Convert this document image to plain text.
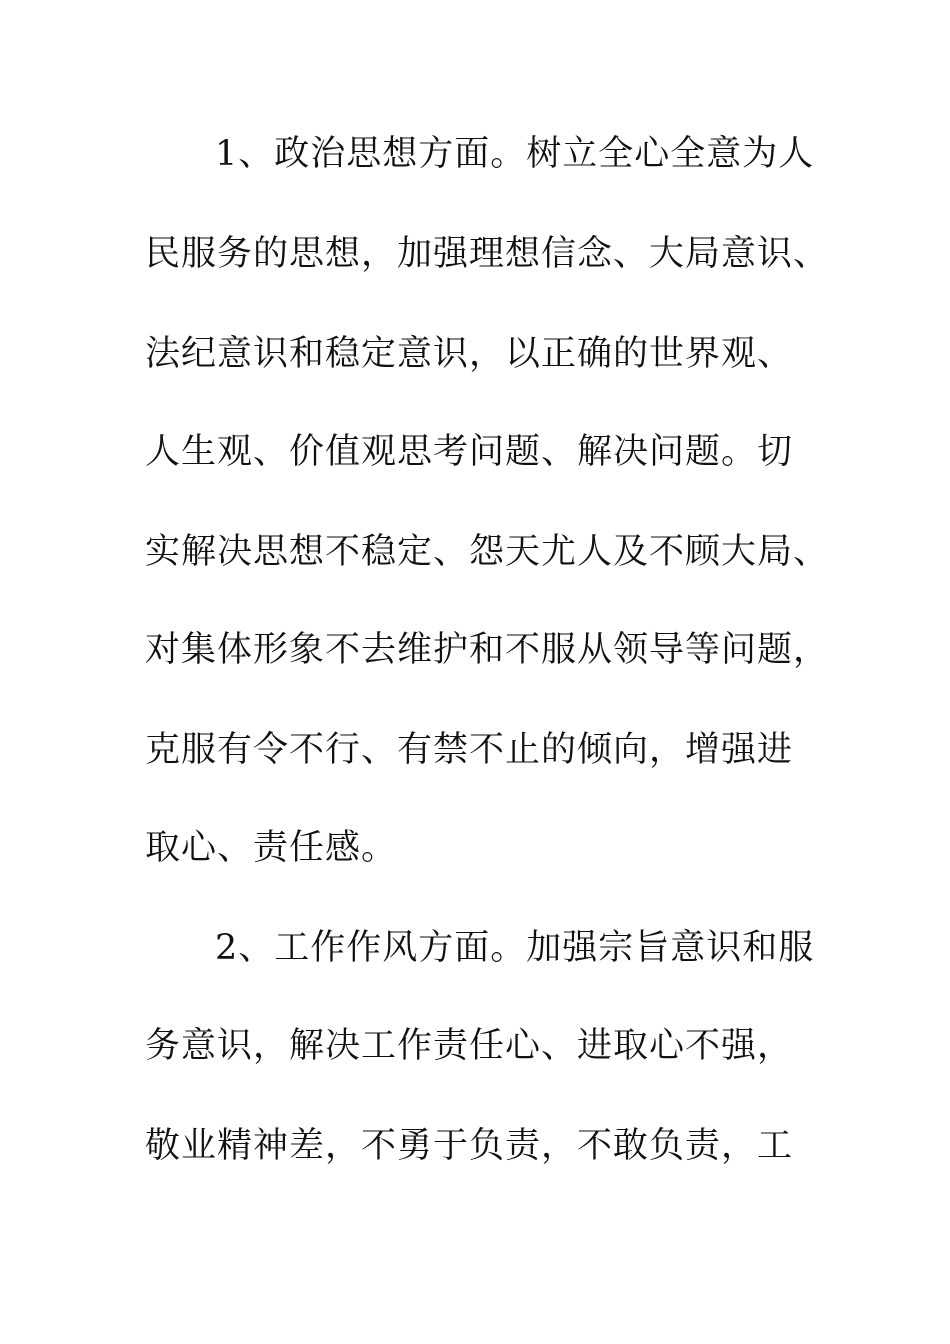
1、政治思想方面。树立全心全意为人
民服务的思想，加强理想信念、大局意识、
法纪意识和稳定意识，以正确的世界观、
人生观、价值观思考问题、解决问题。切
实解决思想不稳定、怨天尤人及不顾大局、
对集体形象不去维护和不服从领导等问题，
克服有令不行、有禁不止的倾向，增强进
取心、责任感。
2、工作作风方面。加强宗旨意识和服
务意识，解决工作责任心、进取心不强，
敬业精神差，不勇于负责，不敢负责，工
